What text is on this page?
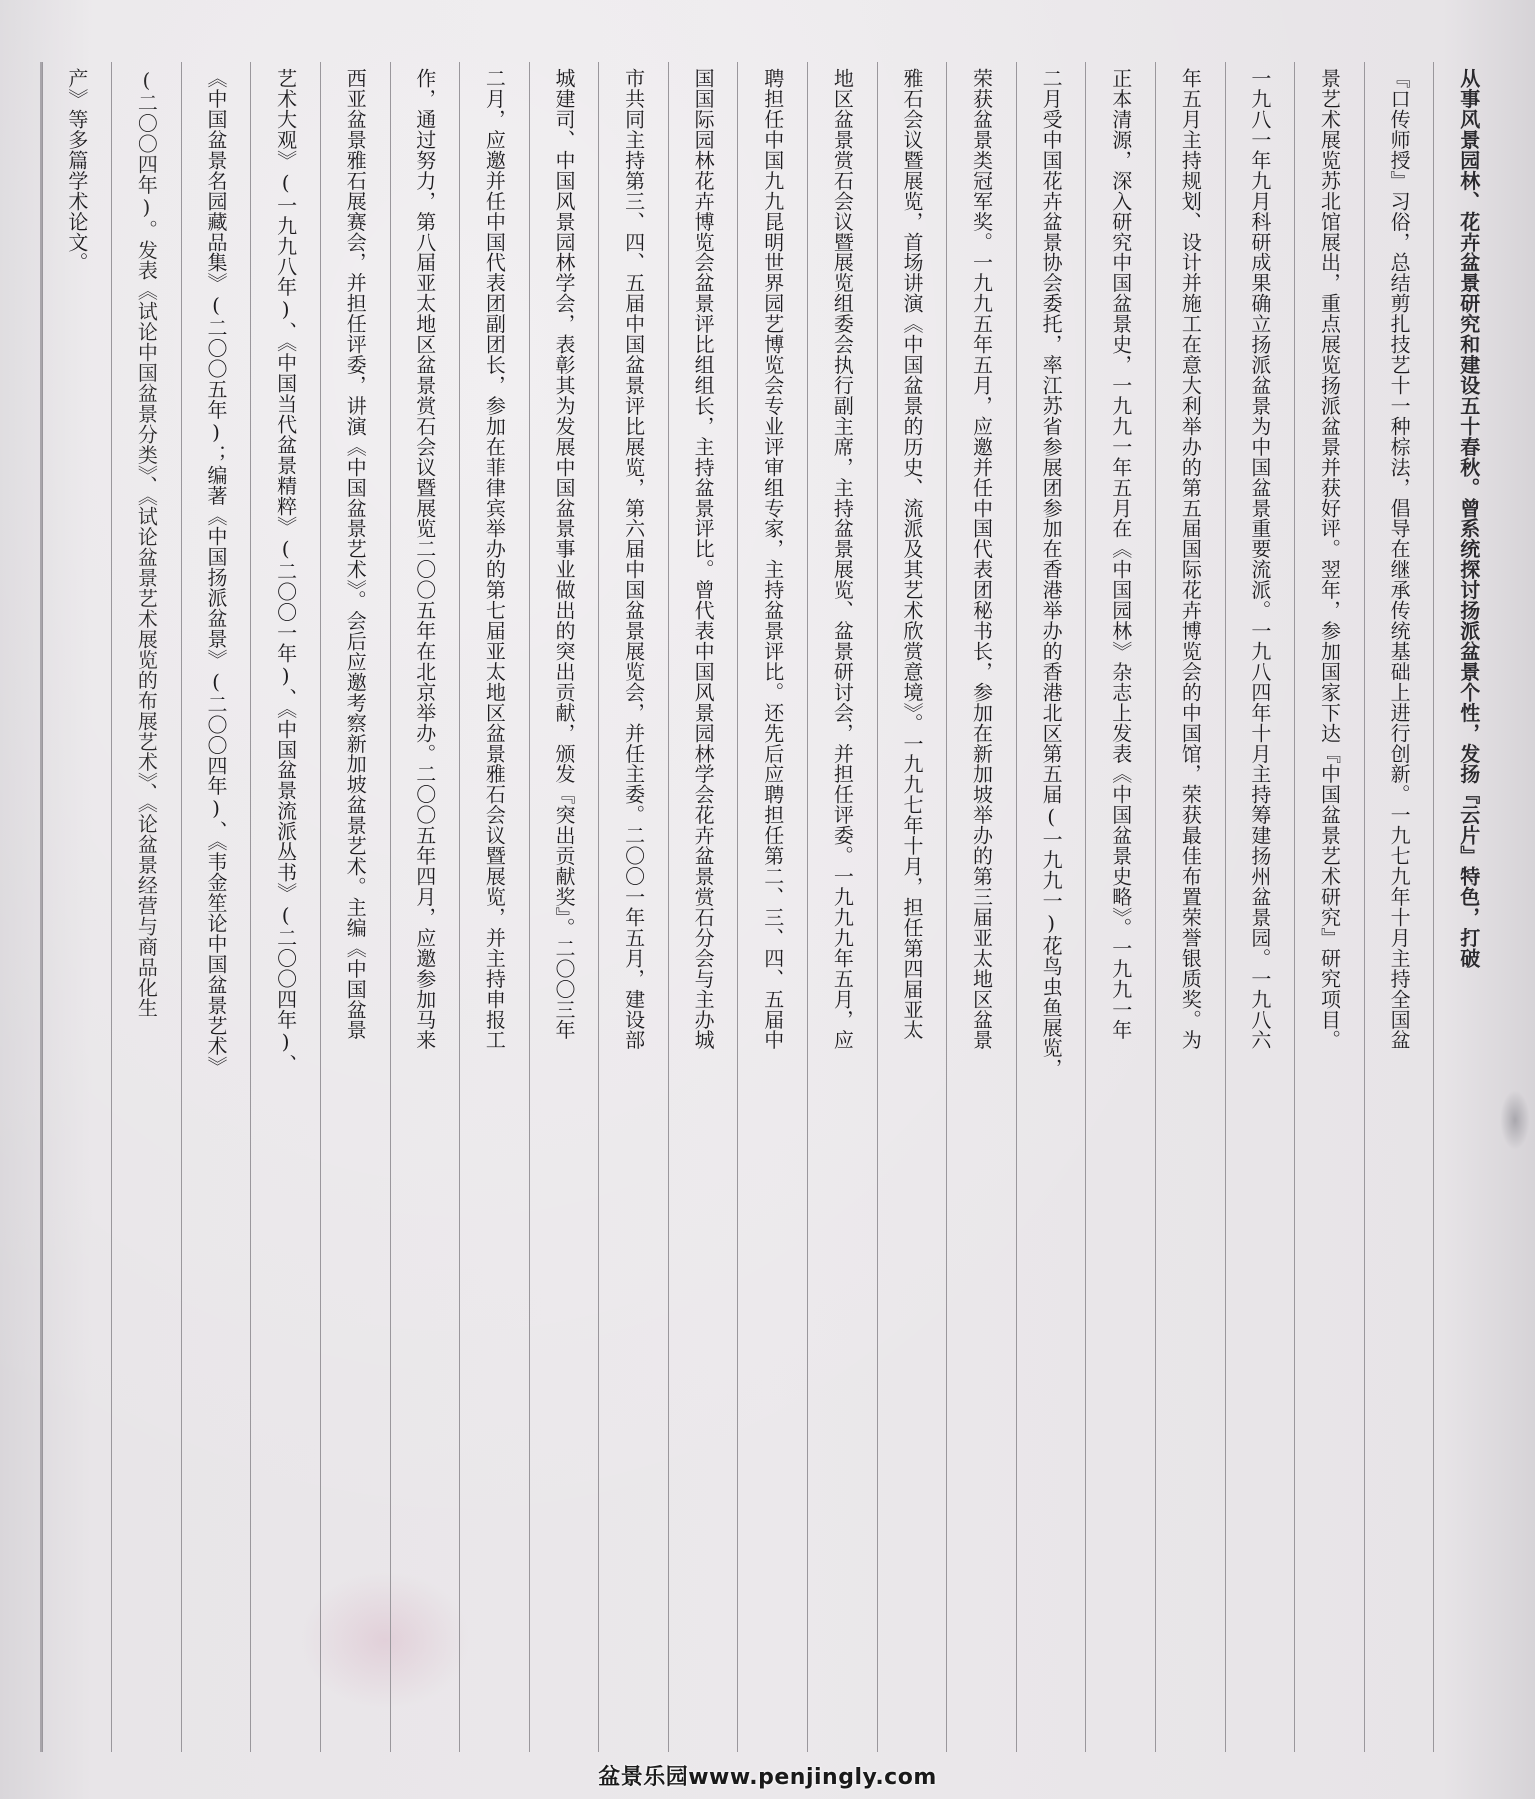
从事风景园林、花卉盆景研究和建设五十春秋。曾系统探讨扬派盆景个性，发扬『云片』特色，打破
『口传师授』习俗，总结剪扎技艺十一种棕法，倡导在继承传统基础上进行创新。一九七九年十月主持全国盆
景艺术展览苏北馆展出，重点展览扬派盆景并获好评。翌年，参加国家下达『中国盆景艺术研究』研究项目。
一九八一年九月科研成果确立扬派盆景为中国盆景重要流派。一九八四年十月主持筹建扬州盆景园。一九八六
年五月主持规划、设计并施工在意大利举办的第五届国际花卉博览会的中国馆，荣获最佳布置荣誉银质奖。为
正本清源，深入研究中国盆景史，一九九一年五月在《中国园林》杂志上发表《中国盆景史略》。一九九一年
二月受中国花卉盆景协会委托，率江苏省参展团参加在香港举办的香港北区第五届(一九九一)花鸟虫鱼展览，
荣获盆景类冠军奖。一九九五年五月，应邀并任中国代表团秘书长，参加在新加坡举办的第三届亚太地区盆景
雅石会议暨展览，首场讲演《中国盆景的历史、流派及其艺术欣赏意境》。一九九七年十月，担任第四届亚太
地区盆景赏石会议暨展览组委会执行副主席，主持盆景展览、盆景研讨会，并担任评委。一九九九年五月，应
聘担任中国九九昆明世界园艺博览会专业评审组专家，主持盆景评比。还先后应聘担任第二、三、四、五届中
国国际园林花卉博览会盆景评比组组长，主持盆景评比。曾代表中国风景园林学会花卉盆景赏石分会与主办城
市共同主持第三、四、五届中国盆景评比展览，第六届中国盆景展览会，并任主委。二〇〇一年五月，建设部
城建司、中国风景园林学会，表彰其为发展中国盆景事业做出的突出贡献，颁发『突出贡献奖』。二〇〇三年
二月，应邀并任中国代表团副团长，参加在菲律宾举办的第七届亚太地区盆景雅石会议暨展览，并主持申报工
作，通过努力，第八届亚太地区盆景赏石会议暨展览二〇〇五年在北京举办。二〇〇五年四月，应邀参加马来
西亚盆景雅石展赛会，并担任评委，讲演《中国盆景艺术》。会后应邀考察新加坡盆景艺术。主编《中国盆景
艺术大观》(一九九八年)、《中国当代盆景精粹》(二〇〇一年)、《中国盆景流派丛书》(二〇〇四年)、
《中国盆景名园藏品集》(二〇〇五年)；编著《中国扬派盆景》(二〇〇四年)、《韦金笙论中国盆景艺术》
(二〇〇四年)。发表《试论中国盆景分类》、《试论盆景艺术展览的布展艺术》、《论盆景经营与商品化生
产》等多篇学术论文。
盆景乐园www.penjingly.com
